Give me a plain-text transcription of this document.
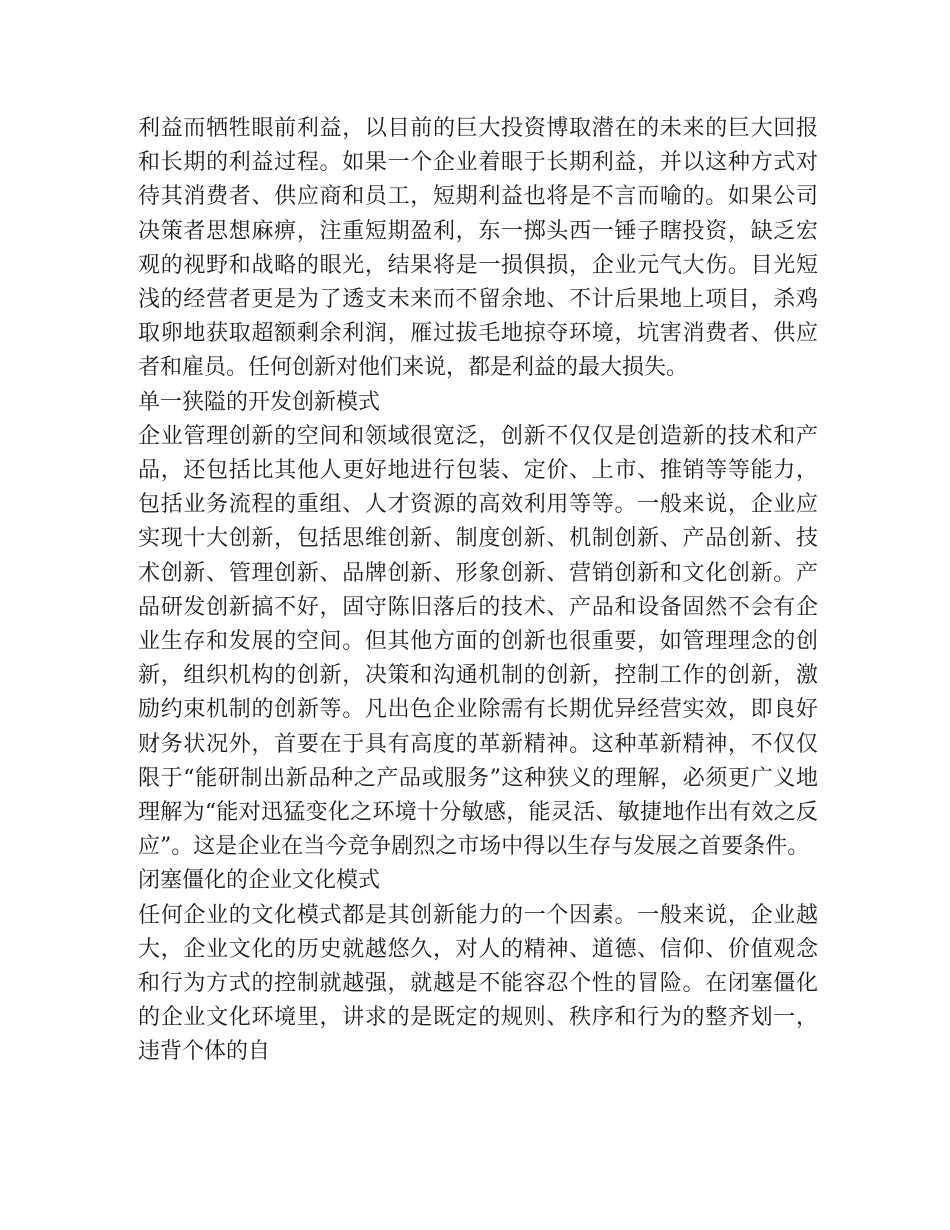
利益而牺牲眼前利益，以目前的巨大投资博取潜在的未来的巨大回报和长期的利益过程。如果一个企业着眼于长期利益，并以这种方式对待其消费者、供应商和员工，短期利益也将是不言而喻的。如果公司决策者思想麻痹，注重短期盈利，东一掷头西一锤子瞎投资，缺乏宏观的视野和战略的眼光，结果将是一损俱损，企业元气大伤。目光短浅的经营者更是为了透支未来而不留余地、不计后果地上项目，杀鸡取卵地获取超额剩余利润，雁过拔毛地掠夺环境，坑害消费者、供应者和雇员。任何创新对他们来说，都是利益的最大损失。

单一狭隘的开发创新模式

企业管理创新的空间和领域很宽泛，创新不仅仅是创造新的技术和产品，还包括比其他人更好地进行包装、定价、上市、推销等等能力，包括业务流程的重组、人才资源的高效利用等等。一般来说，企业应实现十大创新，包括思维创新、制度创新、机制创新、产品创新、技术创新、管理创新、品牌创新、形象创新、营销创新和文化创新。产品研发创新搞不好，固守陈旧落后的技术、产品和设备固然不会有企业生存和发展的空间。但其他方面的创新也很重要，如管理理念的创新，组织机构的创新，决策和沟通机制的创新，控制工作的创新，激励约束机制的创新等。凡出色企业除需有长期优异经营实效，即良好财务状况外，首要在于具有高度的革新精神。这种革新精神，不仅仅限于“能研制出新品种之产品或服务”这种狭义的理解，必须更广义地理解为“能对迅猛变化之环境十分敏感，能灵活、敏捷地作出有效之反应”。这是企业在当今竞争剧烈之市场中得以生存与发展之首要条件。

闭塞僵化的企业文化模式

任何企业的文化模式都是其创新能力的一个因素。一般来说，企业越大，企业文化的历史就越悠久，对人的精神、道德、信仰、价值观念和行为方式的控制就越强，就越是不能容忍个性的冒险。在闭塞僵化的企业文化环境里，讲求的是既定的规则、秩序和行为的整齐划一，违背个体的自
